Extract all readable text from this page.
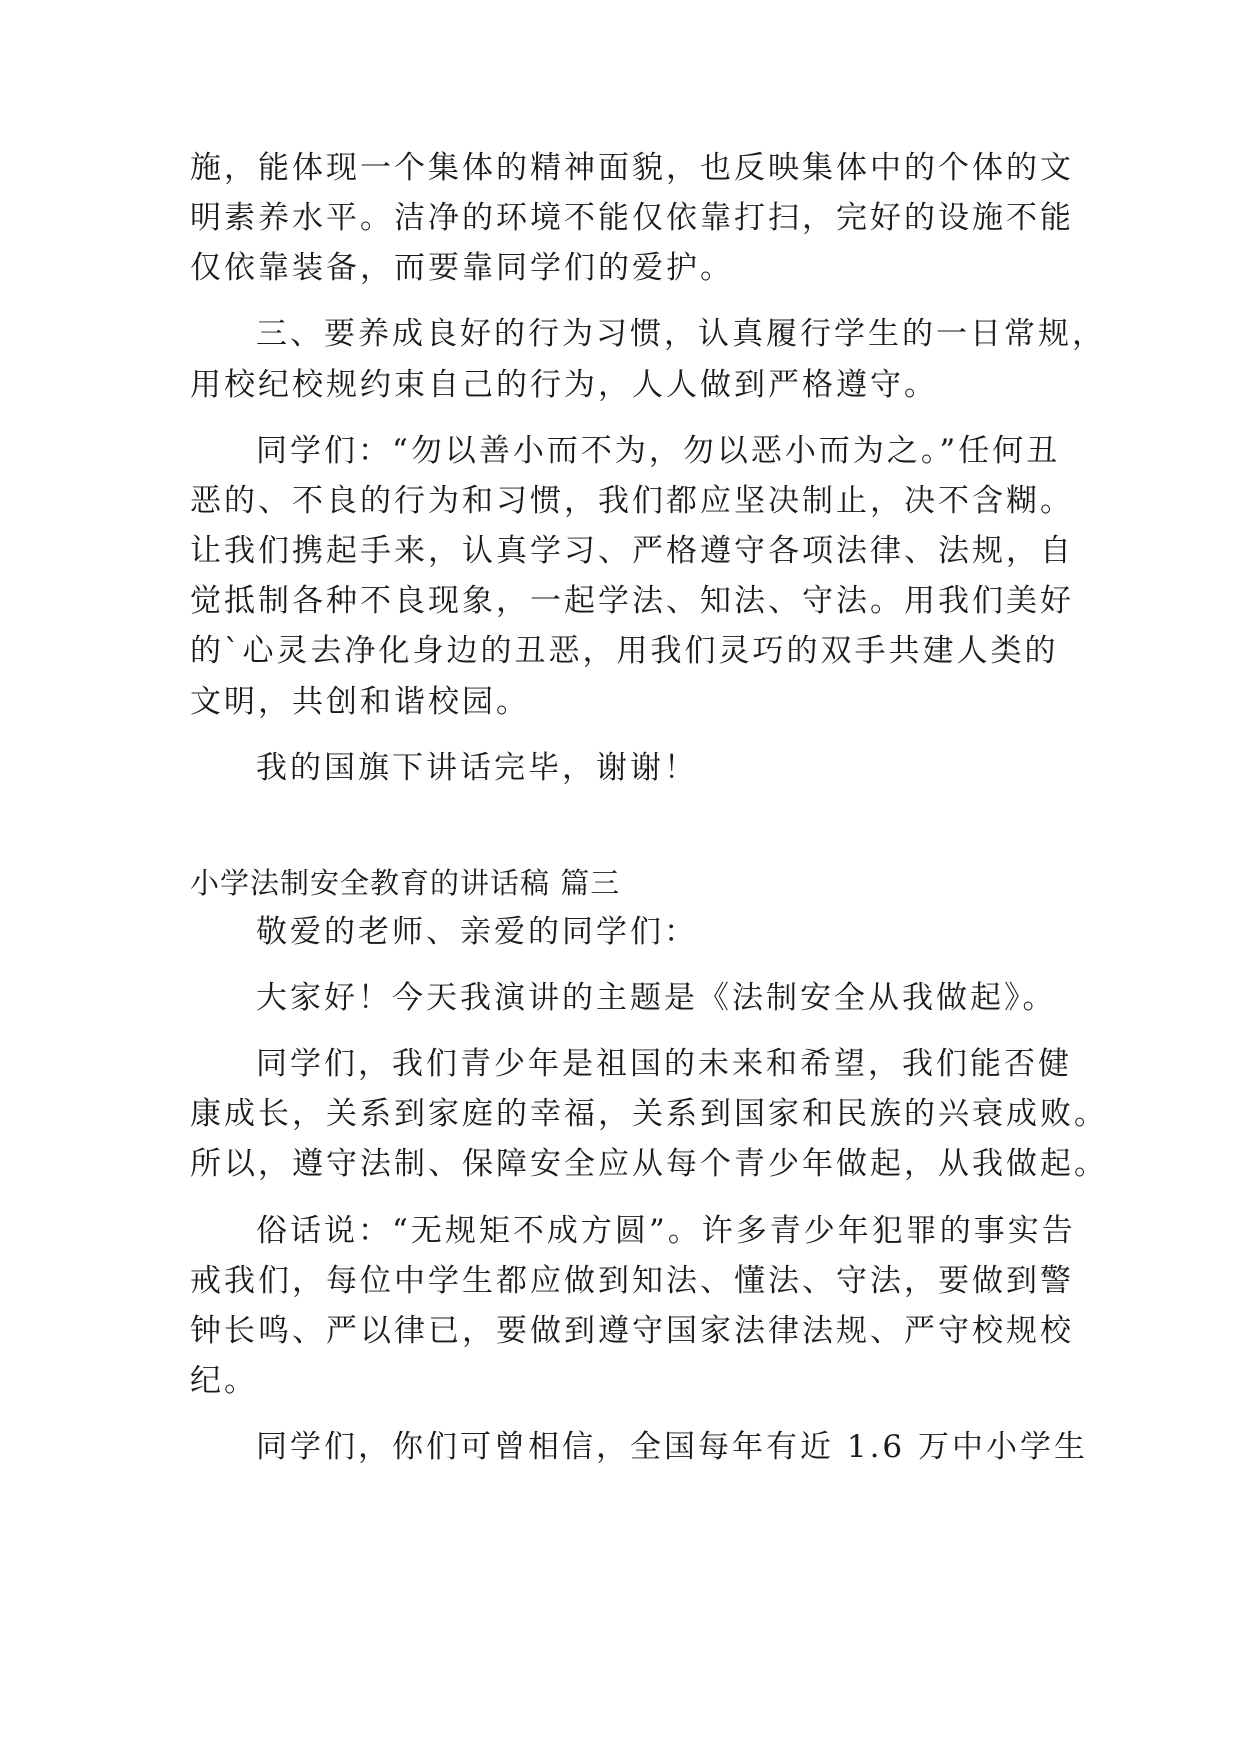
施，能体现一个集体的精神面貌，也反映集体中的个体的文
明素养水平。洁净的环境不能仅依靠打扫，完好的设施不能
仅依靠装备，而要靠同学们的爱护。
三、要养成良好的行为习惯，认真履行学生的一日常规，
用校纪校规约束自己的行为，人人做到严格遵守。
同学们：“勿以善小而不为，勿以恶小而为之。”任何丑
恶的、不良的行为和习惯，我们都应坚决制止，决不含糊。
让我们携起手来，认真学习、严格遵守各项法律、法规，自
觉抵制各种不良现象，一起学法、知法、守法。用我们美好
的`心灵去净化身边的丑恶，用我们灵巧的双手共建人类的
文明，共创和谐校园。
我的国旗下讲话完毕，谢谢！
小学法制安全教育的讲话稿 篇三
敬爱的老师、亲爱的同学们：
大家好！今天我演讲的主题是《法制安全从我做起》。
同学们，我们青少年是祖国的未来和希望，我们能否健
康成长，关系到家庭的幸福，关系到国家和民族的兴衰成败。
所以，遵守法制、保障安全应从每个青少年做起，从我做起。
俗话说：“无规矩不成方圆”。许多青少年犯罪的事实告
戒我们，每位中学生都应做到知法、懂法、守法，要做到警
钟长鸣、严以律已，要做到遵守国家法律法规、严守校规校
纪。
同学们，你们可曾相信，全国每年有近 1.6 万中小学生
